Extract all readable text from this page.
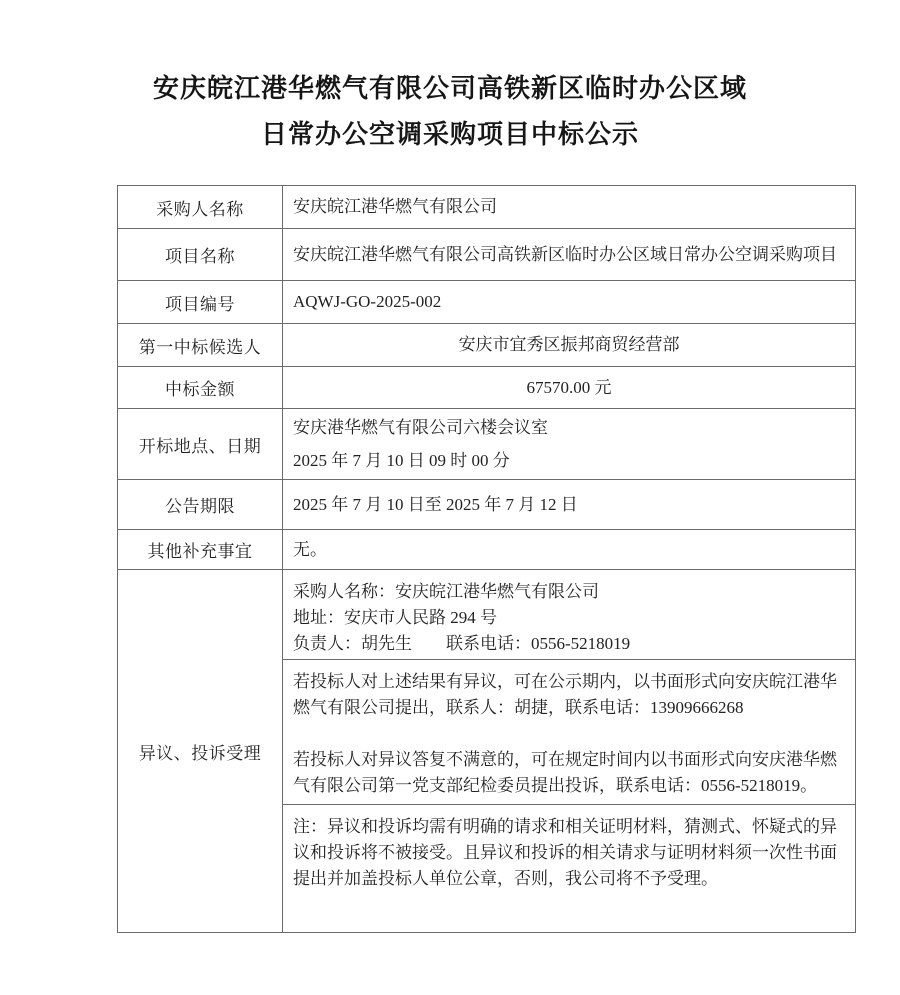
安庆皖江港华燃气有限公司高铁新区临时办公区域
日常办公空调采购项目中标公示
采购人名称	安庆皖江港华燃气有限公司
项目名称	安庆皖江港华燃气有限公司高铁新区临时办公区域日常办公空调采购项目
项目编号	AQWJ-GO-2025-002
第一中标候选人	安庆市宜秀区振邦商贸经营部
中标金额	67570.00 元
开标地点、日期	安庆港华燃气有限公司六楼会议室
2025 年 7 月 10 日 09 时 00 分

公告期限	2025 年 7 月 10 日至 2025 年 7 月 12 日
其他补充事宜	无。
异议、投诉受理	采购人名称：安庆皖江港华燃气有限公司
地址：安庆市人民路 294 号
负责人：胡先生　　联系电话：0556-5218019

	若投标人对上述结果有异议，可在公示期内，以书面形式向安庆皖江港华燃气有限公司提出，联系人：胡捷，联系电话：13909666268

若投标人对异议答复不满意的，可在规定时间内以书面形式向安庆港华燃气有限公司第一党支部纪检委员提出投诉，联系电话：0556-5218019。

	注：异议和投诉均需有明确的请求和相关证明材料，猜测式、怀疑式的异议和投诉将不被接受。且异议和投诉的相关请求与证明材料须一次性书面提出并加盖投标人单位公章，否则，我公司将不予受理。
